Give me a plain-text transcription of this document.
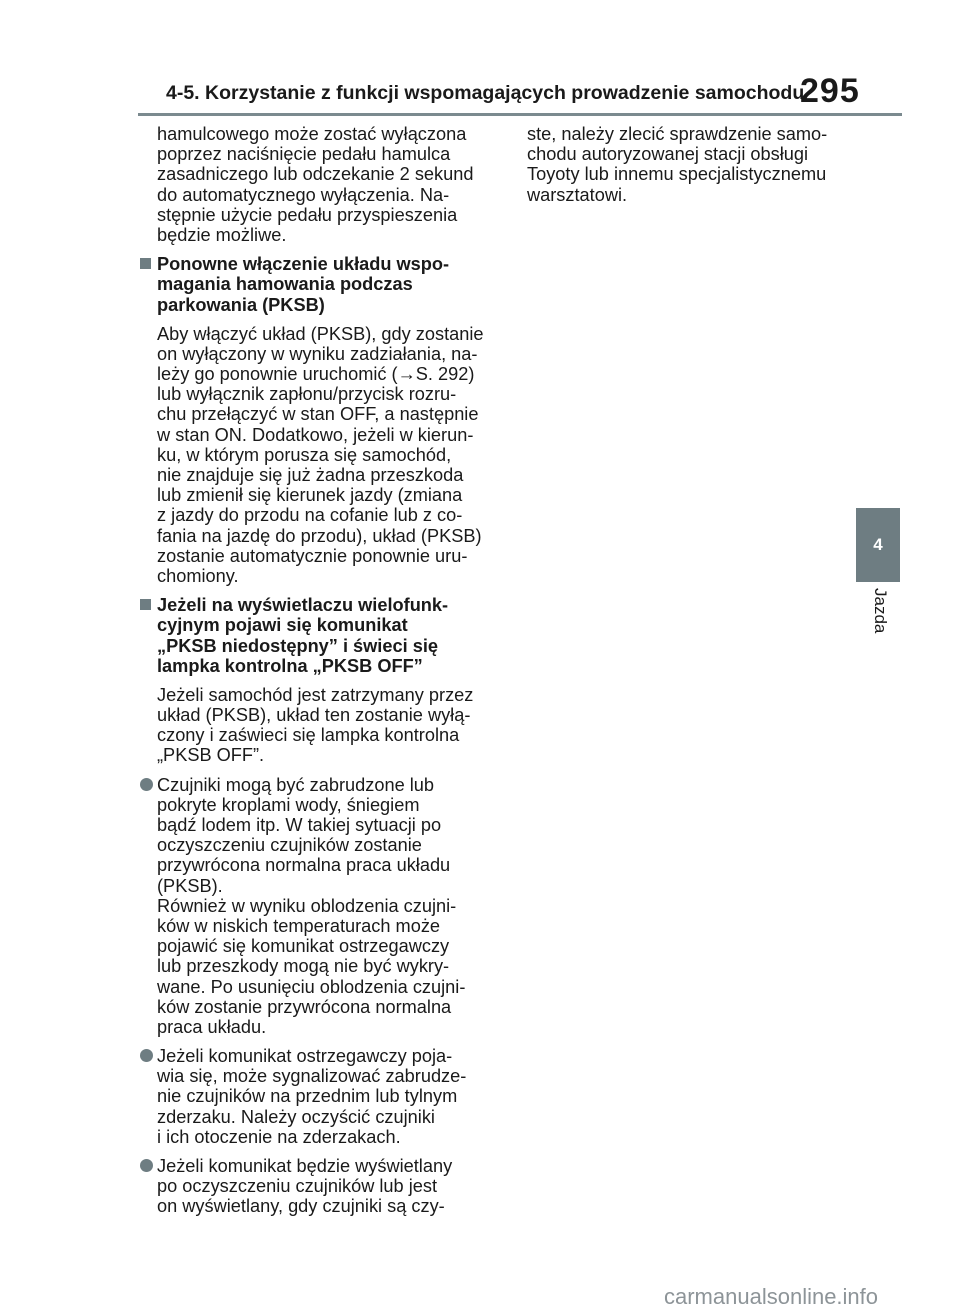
4-5. Korzystanie z funkcji wspomagających prowadzenie samochodu
295
4
Jazda
hamulcowego może zostać wyłączona
poprzez naciśnięcie pedału hamulca
zasadniczego lub odczekanie 2 sekund
do automatycznego wyłączenia. Na-
stępnie użycie pedału przyspieszenia
będzie możliwe.
Ponowne włączenie układu wspo-
magania hamowania podczas
parkowania (PKSB)
Aby włączyć układ (PKSB), gdy zostanie
on wyłączony w wyniku zadziałania, na-
leży go ponownie uruchomić (→S. 292)
lub wyłącznik zapłonu/przycisk rozru-
chu przełączyć w stan OFF, a następnie
w stan ON. Dodatkowo, jeżeli w kierun-
ku, w którym porusza się samochód,
nie znajduje się już żadna przeszkoda
lub zmienił się kierunek jazdy (zmiana
z jazdy do przodu na cofanie lub z co-
fania na jazdę do przodu), układ (PKSB)
zostanie automatycznie ponownie uru-
chomiony.
Jeżeli na wyświetlaczu wielofunk-
cyjnym pojawi się komunikat
„PKSB niedostępny” i świeci się
lampka kontrolna „PKSB OFF”
Jeżeli samochód jest zatrzymany przez
układ (PKSB), układ ten zostanie wyłą-
czony i zaświeci się lampka kontrolna
„PKSB OFF”.
Czujniki mogą być zabrudzone lub
pokryte kroplami wody, śniegiem
bądź lodem itp. W takiej sytuacji po
oczyszczeniu czujników zostanie
przywrócona normalna praca układu
(PKSB).
Również w wyniku oblodzenia czujni-
ków w niskich temperaturach może
pojawić się komunikat ostrzegawczy
lub przeszkody mogą nie być wykry-
wane. Po usunięciu oblodzenia czujni-
ków zostanie przywrócona normalna
praca układu.
Jeżeli komunikat ostrzegawczy poja-
wia się, może sygnalizować zabrudze-
nie czujników na przednim lub tylnym
zderzaku. Należy oczyścić czujniki
i ich otoczenie na zderzakach.
Jeżeli komunikat będzie wyświetlany
po oczyszczeniu czujników lub jest
on wyświetlany, gdy czujniki są czy-
ste, należy zlecić sprawdzenie samo-
chodu autoryzowanej stacji obsługi
Toyoty lub innemu specjalistycznemu
warsztatowi.
carmanualsonline.info
